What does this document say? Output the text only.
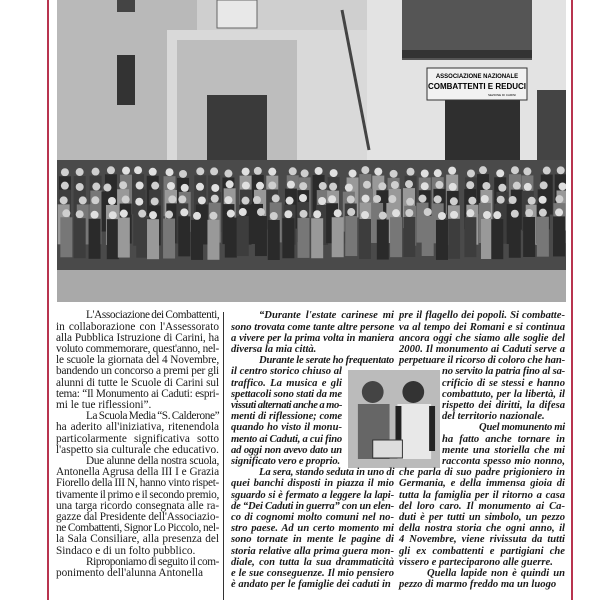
ASSOCIAZIONE NAZIONALE
COMBATTENTI E REDUCI
SEZIONE DI CARINI
L'Associazione dei Combattenti,
in collaborazione con l'Assessorato
alla Pubblica Istruzione di Carini, ha
voluto commemorare, quest'anno, nel-
le scuole la giornata del 4 Novembre,
bandendo un concorso a premi per gli
alunni di tutte le Scuole di Carini sul
tema: “Il Monumento ai Caduti: espri-
mi le tue riflessioni”.
La Scuola Media “S. Calderone”
ha aderito all'iniziativa, ritenendola
particolarmente significativa sotto
l'aspetto sia culturale che educativo.
Due alunne della nostra scuola,
Antonella Agrusa della III I e Grazia
Fiorello della III N, hanno vinto rispet-
tivamente il primo e il secondo premio,
una targa ricordo consegnata alle ra-
gazze dal Presidente dell'Associazio-
ne Combattenti, Signor Lo Piccolo, nel-
la Sala Consiliare, alla presenza del
Sindaco e di un folto pubblico.
Riproponiamo di seguito il com-
ponimento dell'alunna Antonella
“Durante l'estate carinese mi
sono trovata come tante altre persone
a vivere per la prima volta in maniera
diversa la mia città.
Durante le serate ho frequentato
il centro storico chiuso al
traffico. La musica e gli
spettacoli sono stati da me
vissuti alternati anche a mo-
menti di riflessione; come
quando ho visto il monu-
mento ai Caduti, a cui fino
ad oggi non avevo dato un
significato vero e proprio.
La sera, stando seduta in uno di
quei banchi disposti in piazza il mio
sguardo si è fermato a leggere la lapi-
de “Dei Caduti in guerra” con un elen-
co di cognomi molto comuni nel no-
stro paese. Ad un certo momento mi
sono tornate in mente le pagine di
storia relative alla prima guera mon-
diale, con tutta la sua drammaticità
e le sue conseguenze. Il mio pensiero
è andato per le famiglie dei caduti in
pre il flagello dei popoli. Si combatte-
va al tempo dei Romani e si continua
ancora oggi che siamo alle soglie del
2000. Il monumento ai Caduti serve a
perpetuare il ricorso di coloro che han-
no servito la patria fino al sa-
crificio di se stessi e hanno
combattuto, per la libertà, il
rispetto dei diritti, la difesa
del territorio nazionale.
Quel momunento mi
ha fatto anche tornare in
mente una storiella che mi
racconta spesso mio nonno,
che parla di suo padre prigioniero in
Germania, e della immensa gioia di
tutta la famiglia per il ritorno a casa
del loro caro. Il monumento ai Ca-
duti è per tutti un simbolo, un pezzo
della nostra storia che ogni anno, il
4 Novembre, viene rivissuta da tutti
gli ex combattenti e partigiani che
vissero e parteciparono alle guerre.
Quella lapide non è quindi un
pezzo di marmo freddo ma un luogo
